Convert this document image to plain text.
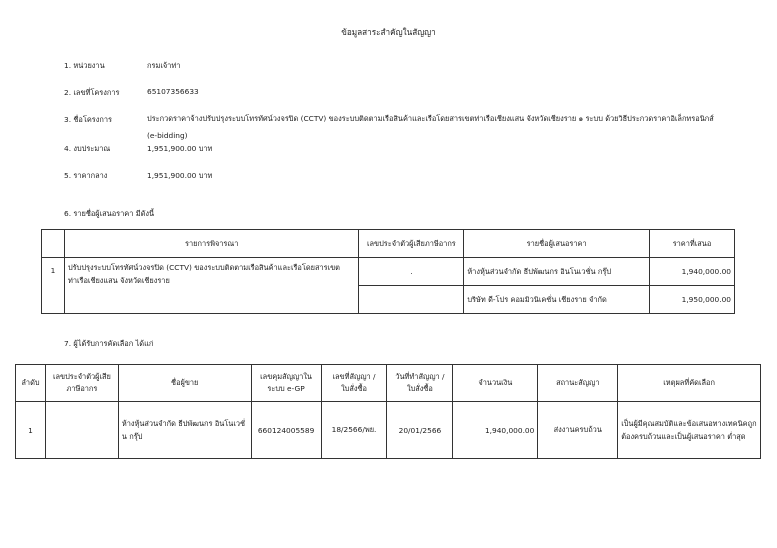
ข้อมูลสาระสำคัญในสัญญา
1. หน่วยงาน	กรมเจ้าท่า
2. เลขที่โครงการ	65107356633
3. ชื่อโครงการ	ประกวดราคาจ้างปรับปรุงระบบโทรทัศน์วงจรปิด (CCTV) ของระบบติดตามเรือสินค้าและเรือโดยสารเขตท่าเรือเชียงแสน จังหวัดเชียงราย ๑ ระบบ ด้วยวิธีประกวดราคาอิเล็กทรอนิกส์
(e-bidding)
4. งบประมาณ	1,951,900.00 บาท
5. ราคากลาง	1,951,900.00 บาท
6. รายชื่อผู้เสนอราคา มีดังนี้
	รายการพิจารณา	เลขประจำตัวผู้เสียภาษีอากร	รายชื่อผู้เสนอราคา	ราคาที่เสนอ
1	ปรับปรุงระบบโทรทัศน์วงจรปิด (CCTV) ของระบบติดตามเรือสินค้าและเรือโดยสารเขตท่าเรือเชียงแสน จังหวัดเชียงราย	.	ห้างหุ้นส่วนจำกัด ธีปพัฒนกร อินโนเวชั่น กรุ๊ป	1,940,000.00
			บริษัท ดี-โปร คอมมิวนิเคชั่น เชียงราย จำกัด	1,950,000.00
7. ผู้ได้รับการคัดเลือก ได้แก่
ลำดับ	เลขประจำตัวผู้เสียภาษีอากร	ชื่อผู้ขาย	เลขคุมสัญญาในระบบ e-GP	เลขที่สัญญา / ใบสั่งซื้อ	วันที่ทำสัญญา / ใบสั่งซื้อ	จำนวนเงิน	สถานะสัญญา	เหตุผลที่คัดเลือก
1		ห้างหุ้นส่วนจำกัด ธีปพัฒนกร อินโนเวชั่น กรุ๊ป	660124005589	18/2566/พย.	20/01/2566	1,940,000.00	ส่งงานครบถ้วน	เป็นผู้มีคุณสมบัติและข้อเสนอทางเทคนิคถูกต้องครบถ้วนและเป็นผู้เสนอราคา ต่ำสุด
